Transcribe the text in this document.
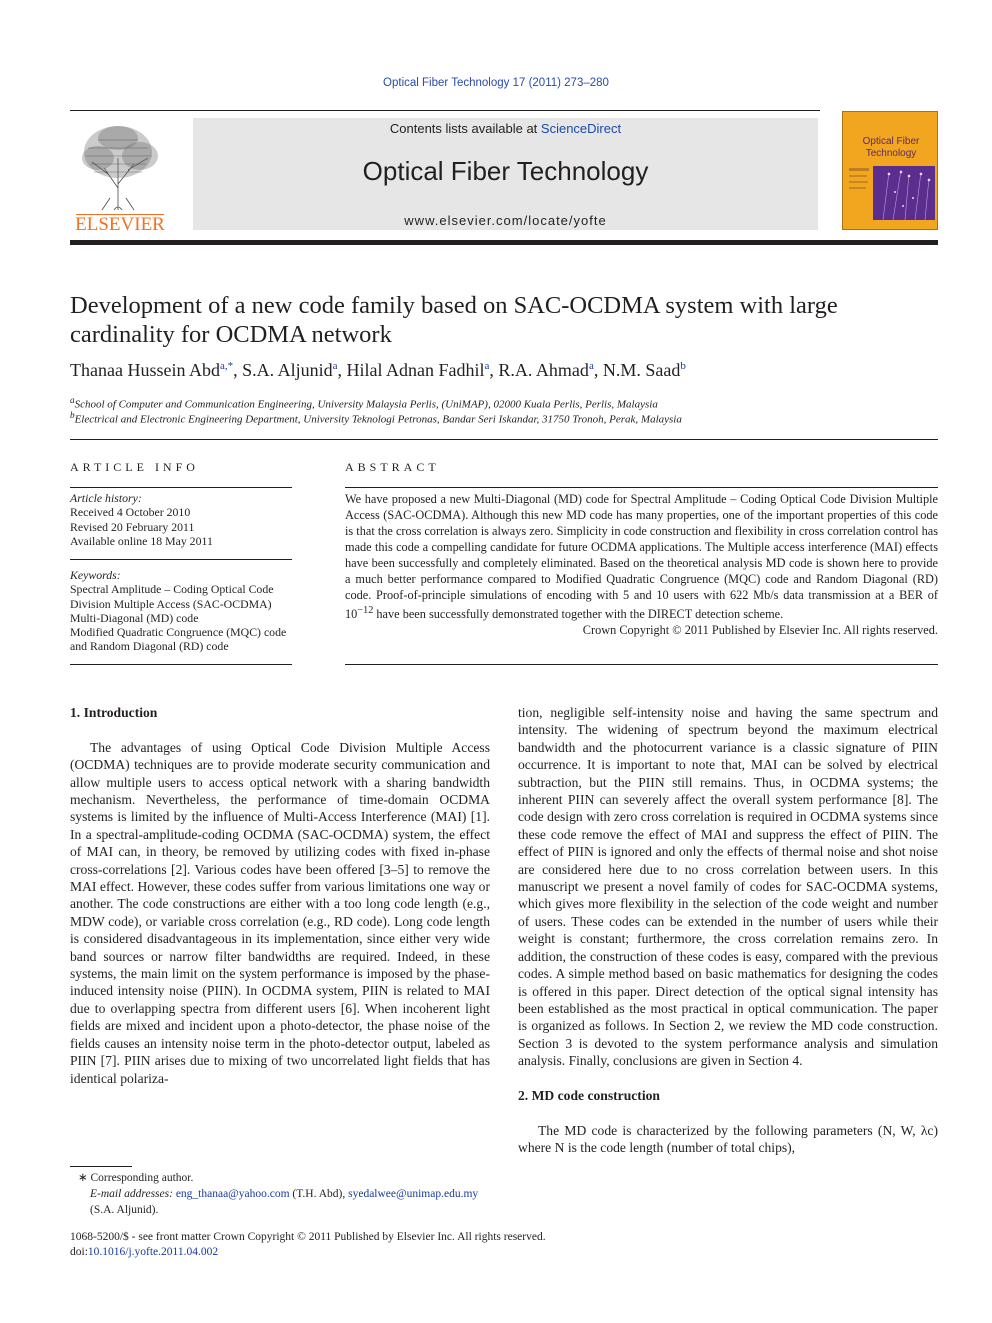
Optical Fiber Technology 17 (2011) 273–280
ELSEVIER
Contents lists available at ScienceDirect
Optical Fiber Technology
www.elsevier.com/locate/yofte
Optical Fiber
Technology
Development of a new code family based on SAC-OCDMA system with large cardinality for OCDMA network
Thanaa Hussein Abd$^{a,*}$, S.A. Aljunid$^a$, Hilal Adnan Fadhil$^a$, R.A. Ahmad$^a$, N.M. Saad$^b$
$^a$School of Computer and Communication Engineering, University Malaysia Perlis, (UniMAP), 02000 Kuala Perlis, Perlis, Malaysia
$^b$Electrical and Electronic Engineering Department, University Teknologi Petronas, Bandar Seri Iskandar, 31750 Tronoh, Perak, Malaysia
ARTICLE INFO
Article history:
Received 4 October 2010
Revised 20 February 2011
Available online 18 May 2011
Keywords:
Spectral Amplitude – Coding Optical Code
Division Multiple Access (SAC-OCDMA)
Multi-Diagonal (MD) code
Modified Quadratic Congruence (MQC) code
and Random Diagonal (RD) code
ABSTRACT
We have proposed a new Multi-Diagonal (MD) code for Spectral Amplitude – Coding Optical Code Division Multiple Access (SAC-OCDMA). Although this new MD code has many properties, one of the important properties of this code is that the cross correlation is always zero. Simplicity in code construction and flexibility in cross correlation control has made this code a compelling candidate for future OCDMA applications. The Multiple access interference (MAI) effects have been successfully and completely eliminated. Based on the theoretical analysis MD code is shown here to provide a much better performance compared to Modified Quadratic Congruence (MQC) code and Random Diagonal (RD) code. Proof-of-principle simulations of encoding with 5 and 10 users with 622 Mb/s data transmission at a BER of $10^{-12}$ have been successfully demonstrated together with the DIRECT detection scheme.
Crown Copyright © 2011 Published by Elsevier Inc. All rights reserved.
1. Introduction

The advantages of using Optical Code Division Multiple Access (OCDMA) techniques are to provide moderate security communication and allow multiple users to access optical network with a sharing bandwidth mechanism. Nevertheless, the performance of time-domain OCDMA systems is limited by the influence of Multi-Access Interference (MAI) [1]. In a spectral-amplitude-coding OCDMA (SAC-OCDMA) system, the effect of MAI can, in theory, be removed by utilizing codes with fixed in-phase cross-correlations [2]. Various codes have been offered [3–5] to remove the MAI effect. However, these codes suffer from various limitations one way or another. The code constructions are either with a too long code length (e.g., MDW code), or variable cross correlation (e.g., RD code). Long code length is considered disadvantageous in its implementation, since either very wide band sources or narrow filter bandwidths are required. Indeed, in these systems, the main limit on the system performance is imposed by the phase-induced intensity noise (PIIN). In OCDMA system, PIIN is related to MAI due to overlapping spectra from different users [6]. When incoherent light fields are mixed and incident upon a photo-detector, the phase noise of the fields causes an intensity noise term in the photo-detector output, labeled as PIIN [7]. PIIN arises due to mixing of two uncorrelated light fields that has identical polariza-

tion, negligible self-intensity noise and having the same spectrum and intensity. The widening of spectrum beyond the maximum electrical bandwidth and the photocurrent variance is a classic signature of PIIN occurrence. It is important to note that, MAI can be solved by electrical subtraction, but the PIIN still remains. Thus, in OCDMA systems; the inherent PIIN can severely affect the overall system performance [8]. The code design with zero cross correlation is required in OCDMA systems since these code remove the effect of MAI and suppress the effect of PIIN. The effect of PIIN is ignored and only the effects of thermal noise and shot noise are considered here due to no cross correlation between users. In this manuscript we present a novel family of codes for SAC-OCDMA systems, which gives more flexibility in the selection of the code weight and number of users. These codes can be extended in the number of users while their weight is constant; furthermore, the cross correlation remains zero. In addition, the construction of these codes is easy, compared with the previous codes. A simple method based on basic mathematics for designing the codes is offered in this paper. Direct detection of the optical signal intensity has been established as the most practical in optical communication. The paper is organized as follows. In Section 2, we review the MD code construction. Section 3 is devoted to the system performance analysis and simulation analysis. Finally, conclusions are given in Section 4.

2. MD code construction

The MD code is characterized by the following parameters (N, W, λc) where N is the code length (number of total chips),

∗ Corresponding author.
E-mail addresses: eng_thanaa@yahoo.com (T.H. Abd), syedalwee@unimap.edu.my (S.A. Aljunid).
1068-5200/$ - see front matter Crown Copyright © 2011 Published by Elsevier Inc. All rights reserved.
doi:10.1016/j.yofte.2011.04.002
